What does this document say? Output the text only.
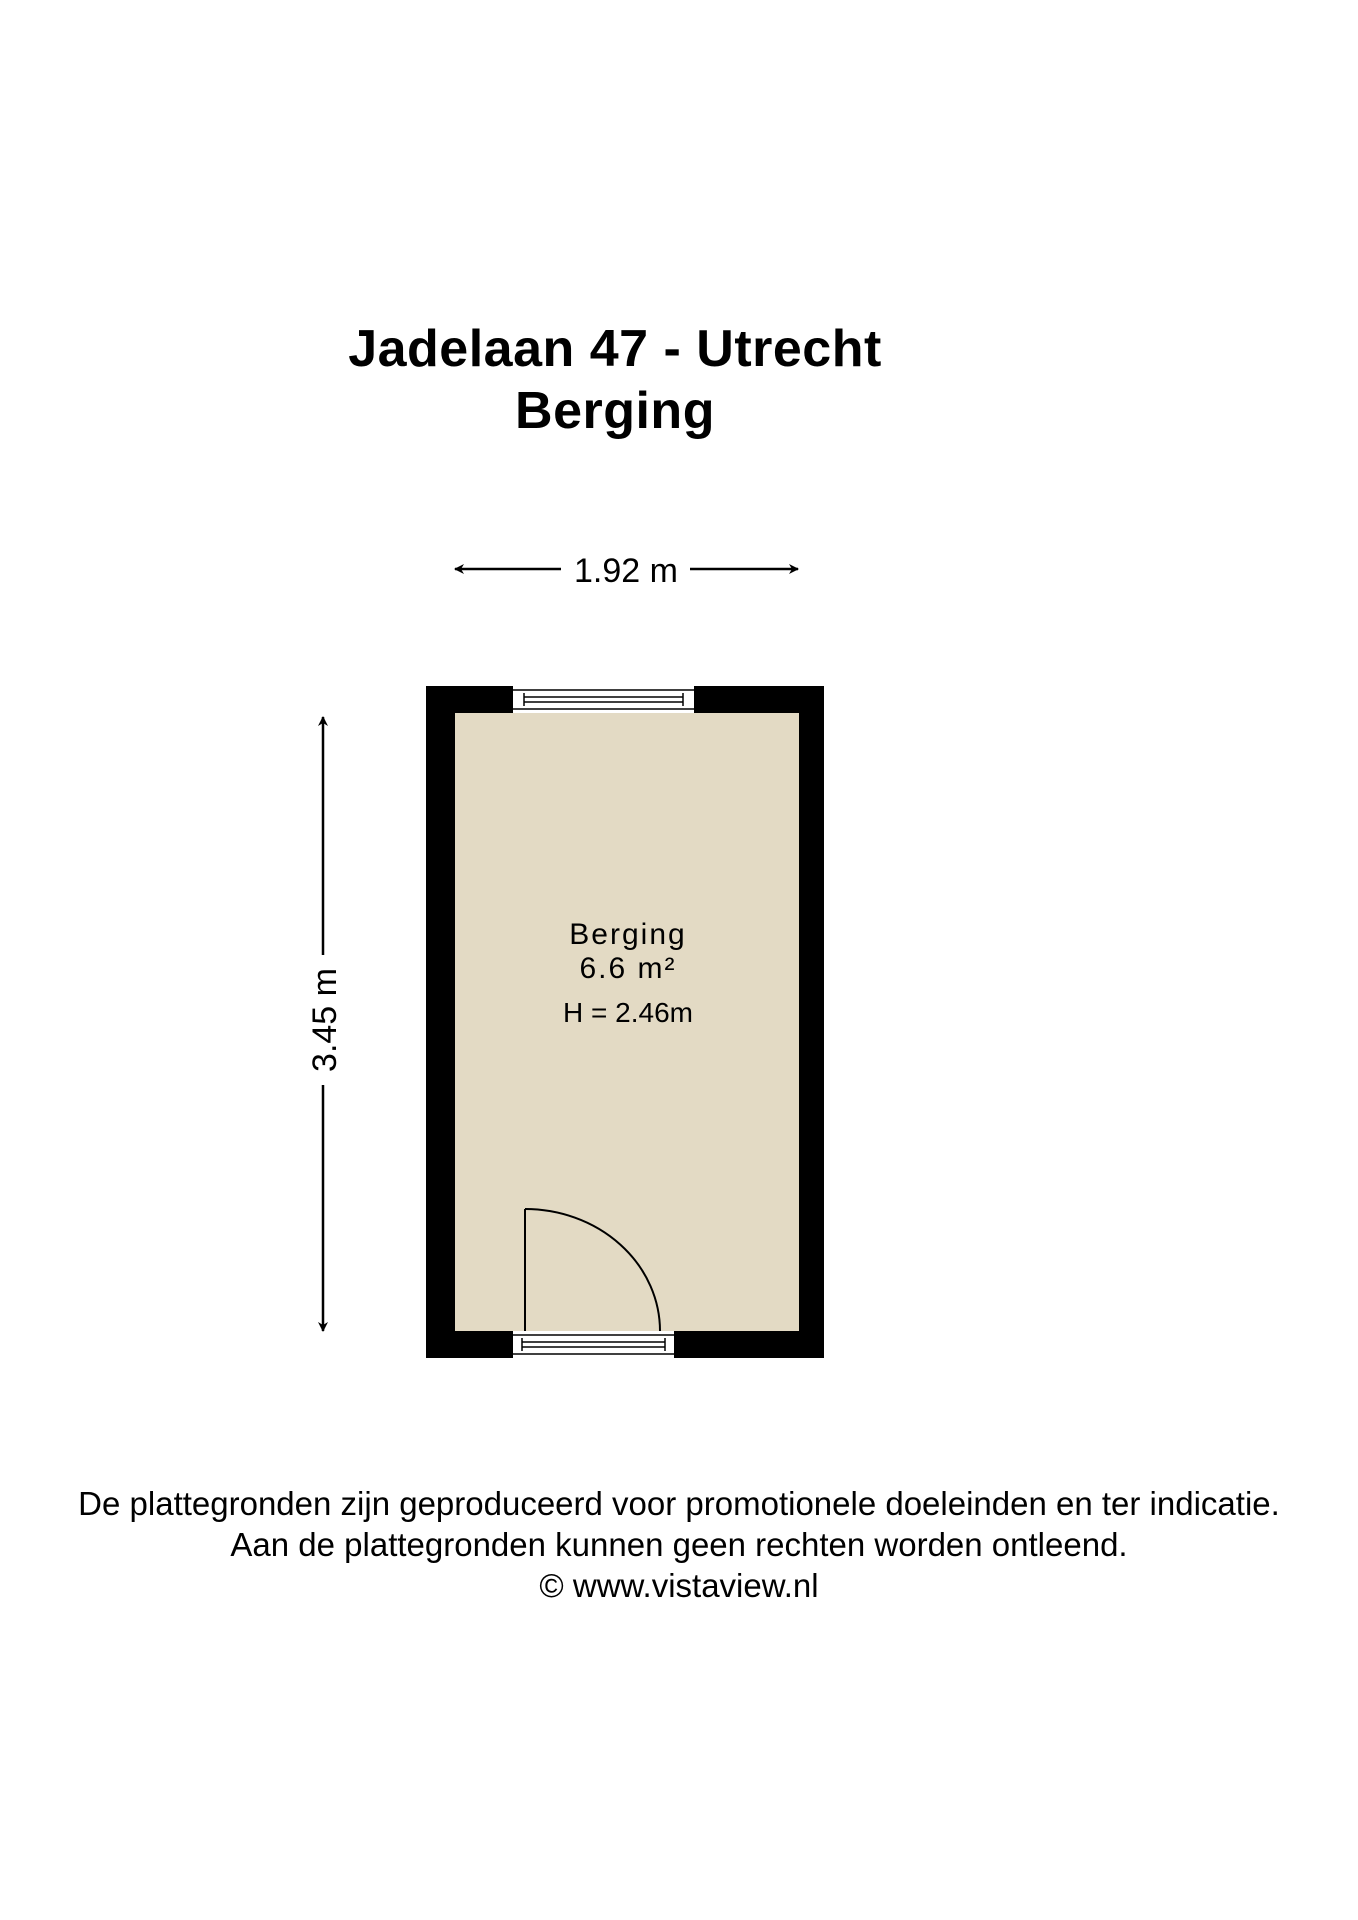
Jadelaan 47 - Utrecht
Berging
1.92 m
3.45 m
Berging
6.6 m²
H = 2.46m
De plattegronden zijn geproduceerd voor promotionele doeleinden en ter indicatie.
Aan de plattegronden kunnen geen rechten worden ontleend.
© www.vistaview.nl
